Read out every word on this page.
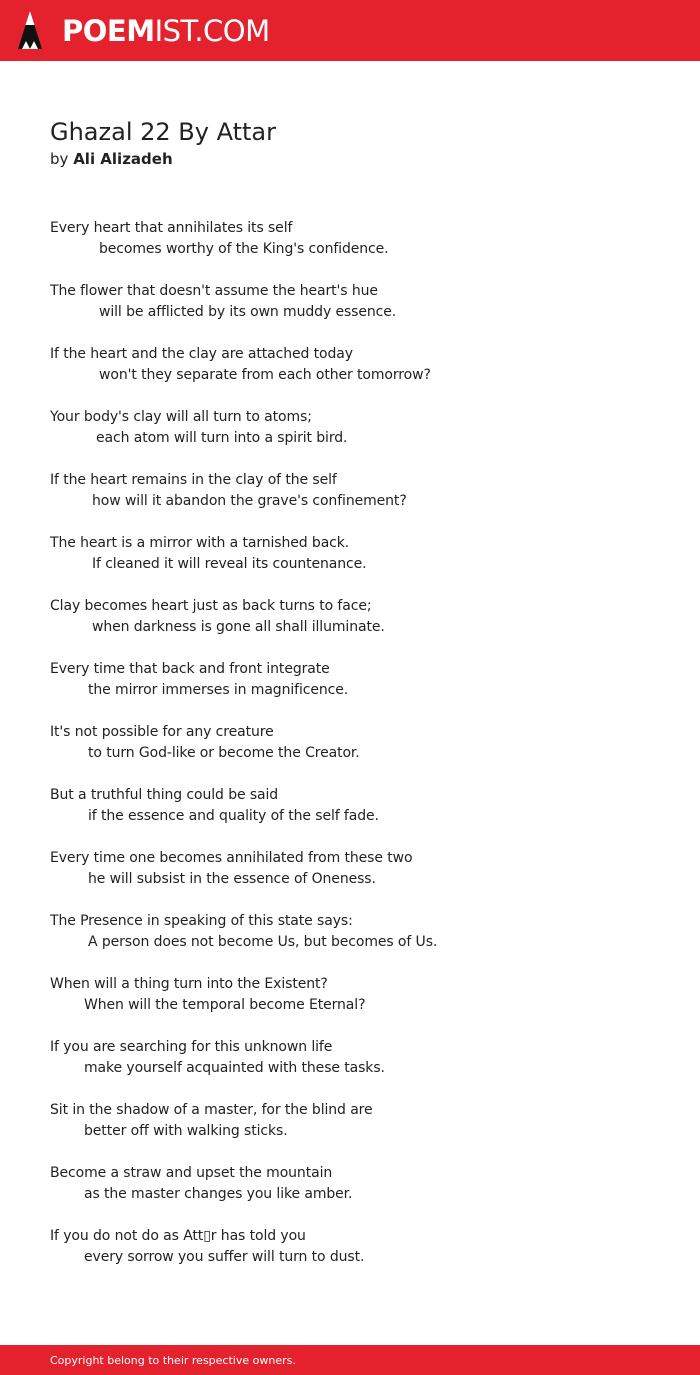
POEMIST.COM
Ghazal 22 By Attar
by Ali Alizadeh
Every heart that annihilates its self
becomes worthy of the King's confidence.
The flower that doesn't assume the heart's hue
will be afflicted by its own muddy essence.
If the heart and the clay are attached today
won't they separate from each other tomorrow?
Your body's clay will all turn to atoms;
each atom will turn into a spirit bird.
If the heart remains in the clay of the self
how will it abandon the grave's confinement?
The heart is a mirror with a tarnished back.
If cleaned it will reveal its countenance.
Clay becomes heart just as back turns to face;
when darkness is gone all shall illuminate.
Every time that back and front integrate
the mirror immerses in magnificence.
It's not possible for any creature
to turn God-like or become the Creator.
But a truthful thing could be said
if the essence and quality of the self fade.
Every time one becomes annihilated from these two
he will subsist in the essence of Oneness.
The Presence in speaking of this state says:
A person does not become Us, but becomes of Us.
When will a thing turn into the Existent?
When will the temporal become Eternal?
If you are searching for this unknown life
make yourself acquainted with these tasks.
Sit in the shadow of a master, for the blind are
better off with walking sticks.
Become a straw and upset the mountain
as the master changes you like amber.
If you do not do as Att▯r has told you
every sorrow you suffer will turn to dust.
Copyright belong to their respective owners.
